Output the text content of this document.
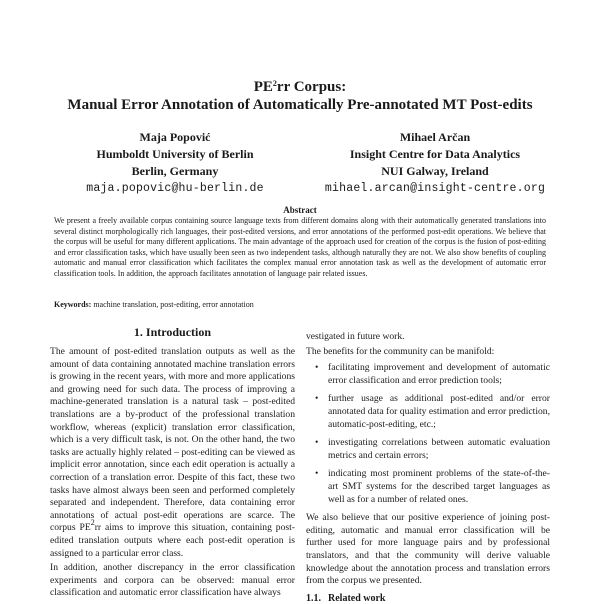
$PE^2rr$ Corpus:
Manual Error Annotation of Automatically Pre-annotated MT Post-edits
Maja Popović
Humboldt University of Berlin
Berlin, Germany
maja.popovic@hu-berlin.de
Mihael Arčan
Insight Centre for Data Analytics
NUI Galway, Ireland
mihael.arcan@insight-centre.org
Abstract
We present a freely available corpus containing source language texts from different domains along with their automatically generated translations into several distinct morphologically rich languages, their post-edited versions, and error annotations of the performed post-edit operations. We believe that the corpus will be useful for many different applications. The main advantage of the approach used for creation of the corpus is the fusion of post-editing and error classification tasks, which have usually been seen as two independent tasks, although naturally they are not. We also show benefits of coupling automatic and manual error classification which facilitates the complex manual error annotation task as well as the development of automatic error classification tools. In addition, the approach facilitates annotation of language pair related issues.
Keywords: machine translation, post-editing, error annotation
1. Introduction

The amount of post-edited translation outputs as well as the amount of data containing annotated machine translation errors is growing in the recent years, with more and more applications and growing need for such data. The process of improving a machine-generated translation is a natural task – post-edited translations are a by-product of the professional translation workflow, whereas (explicit) translation error classification, which is a very difficult task, is not. On the other hand, the two tasks are actually highly related – post-editing can be viewed as implicit error annotation, since each edit operation is actually a correction of a translation error. Despite of this fact, these two tasks have almost always been seen and performed completely separated and independent. Therefore, data containing error annotations of actual post-edit operations are scarce. The corpus $PE^2rr$ aims to improve this situation, containing post-edited translation outputs where each post-edit operation is assigned to a particular error class.

In addition, another discrepancy in the error classification experiments and corpora can be observed: manual error classification and automatic error classification have always

vestigated in future work.

The benefits for the community can be manifold:

• facilitating improvement and development of automatic error classification and error prediction tools;
• further usage as additional post-edited and/or error annotated data for quality estimation and error prediction, automatic-post-editing, etc.;
• investigating correlations between automatic evaluation metrics and certain errors;
• indicating most prominent problems of the state-of-the-art SMT systems for the described target languages as well as for a number of related ones.

We also believe that our positive experience of joining post-editing, automatic and manual error classification will be further used for more language pairs and by professional translators, and that the community will derive valuable knowledge about the annotation process and translation errors from the corpus we presented.

1.1. Related work
